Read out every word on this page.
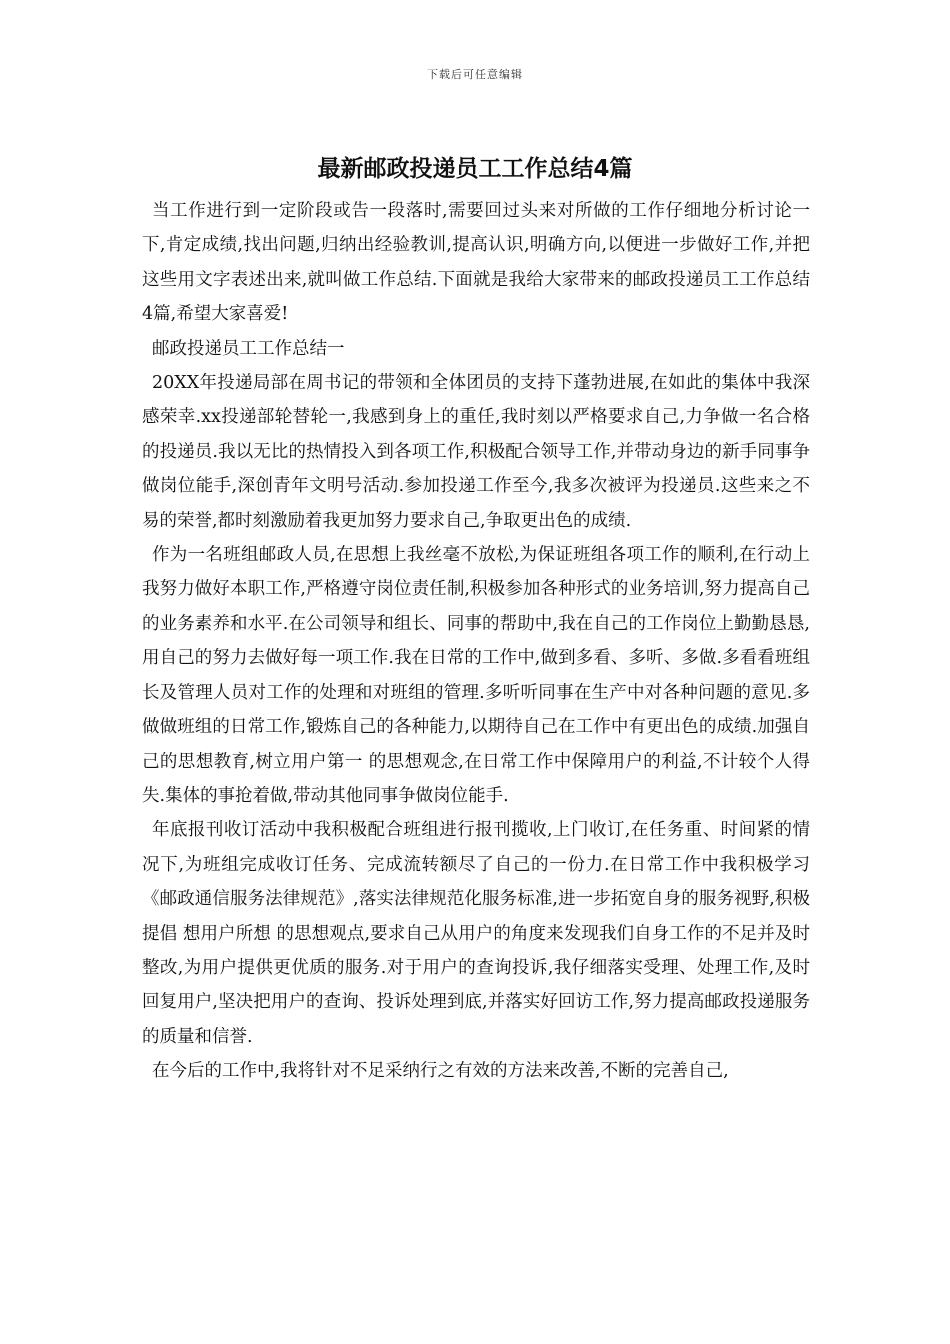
下载后可任意编辑
最新邮政投递员工工作总结4篇

当工作进行到一定阶段或告一段落时,需要回过头来对所做的工作仔细地分析讨论一下,肯定成绩,找出问题,归纳出经验教训,提高认识,明确方向,以便进一步做好工作,并把这些用文字表述出来,就叫做工作总结.下面就是我给大家带来的邮政投递员工工作总结4篇,希望大家喜爱!

邮政投递员工工作总结一

20XX年投递局部在周书记的带领和全体团员的支持下蓬勃进展,在如此的集体中我深感荣幸.xx投递部轮替轮一,我感到身上的重任,我时刻以严格要求自己,力争做一名合格的投递员.我以无比的热情投入到各项工作,积极配合领导工作,并带动身边的新手同事争做岗位能手,深创青年文明号活动.参加投递工作至今,我多次被评为投递员.这些来之不易的荣誉,都时刻激励着我更加努力要求自己,争取更出色的成绩.

作为一名班组邮政人员,在思想上我丝毫不放松,为保证班组各项工作的顺利,在行动上我努力做好本职工作,严格遵守岗位责任制,积极参加各种形式的业务培训,努力提高自己的业务素养和水平.在公司领导和组长、同事的帮助中,我在自己的工作岗位上勤勤恳恳,用自己的努力去做好每一项工作.我在日常的工作中,做到多看、多听、多做.多看看班组长及管理人员对工作的处理和对班组的管理.多听听同事在生产中对各种问题的意见.多做做班组的日常工作,锻炼自己的各种能力,以期待自己在工作中有更出色的成绩.加强自己的思想教育,树立用户第一 的思想观念,在日常工作中保障用户的利益,不计较个人得失.集体的事抢着做,带动其他同事争做岗位能手.

年底报刊收订活动中我积极配合班组进行报刊揽收,上门收订,在任务重、时间紧的情况下,为班组完成收订任务、完成流转额尽了自己的一份力.在日常工作中我积极学习《邮政通信服务法律规范》,落实法律规范化服务标准,进一步拓宽自身的服务视野,积极提倡 想用户所想 的思想观点,要求自己从用户的角度来发现我们自身工作的不足并及时整改,为用户提供更优质的服务.对于用户的查询投诉,我仔细落实受理、处理工作,及时回复用户,坚决把用户的查询、投诉处理到底,并落实好回访工作,努力提高邮政投递服务的质量和信誉.

在今后的工作中,我将针对不足采纳行之有效的方法来改善,不断的完善自己,
